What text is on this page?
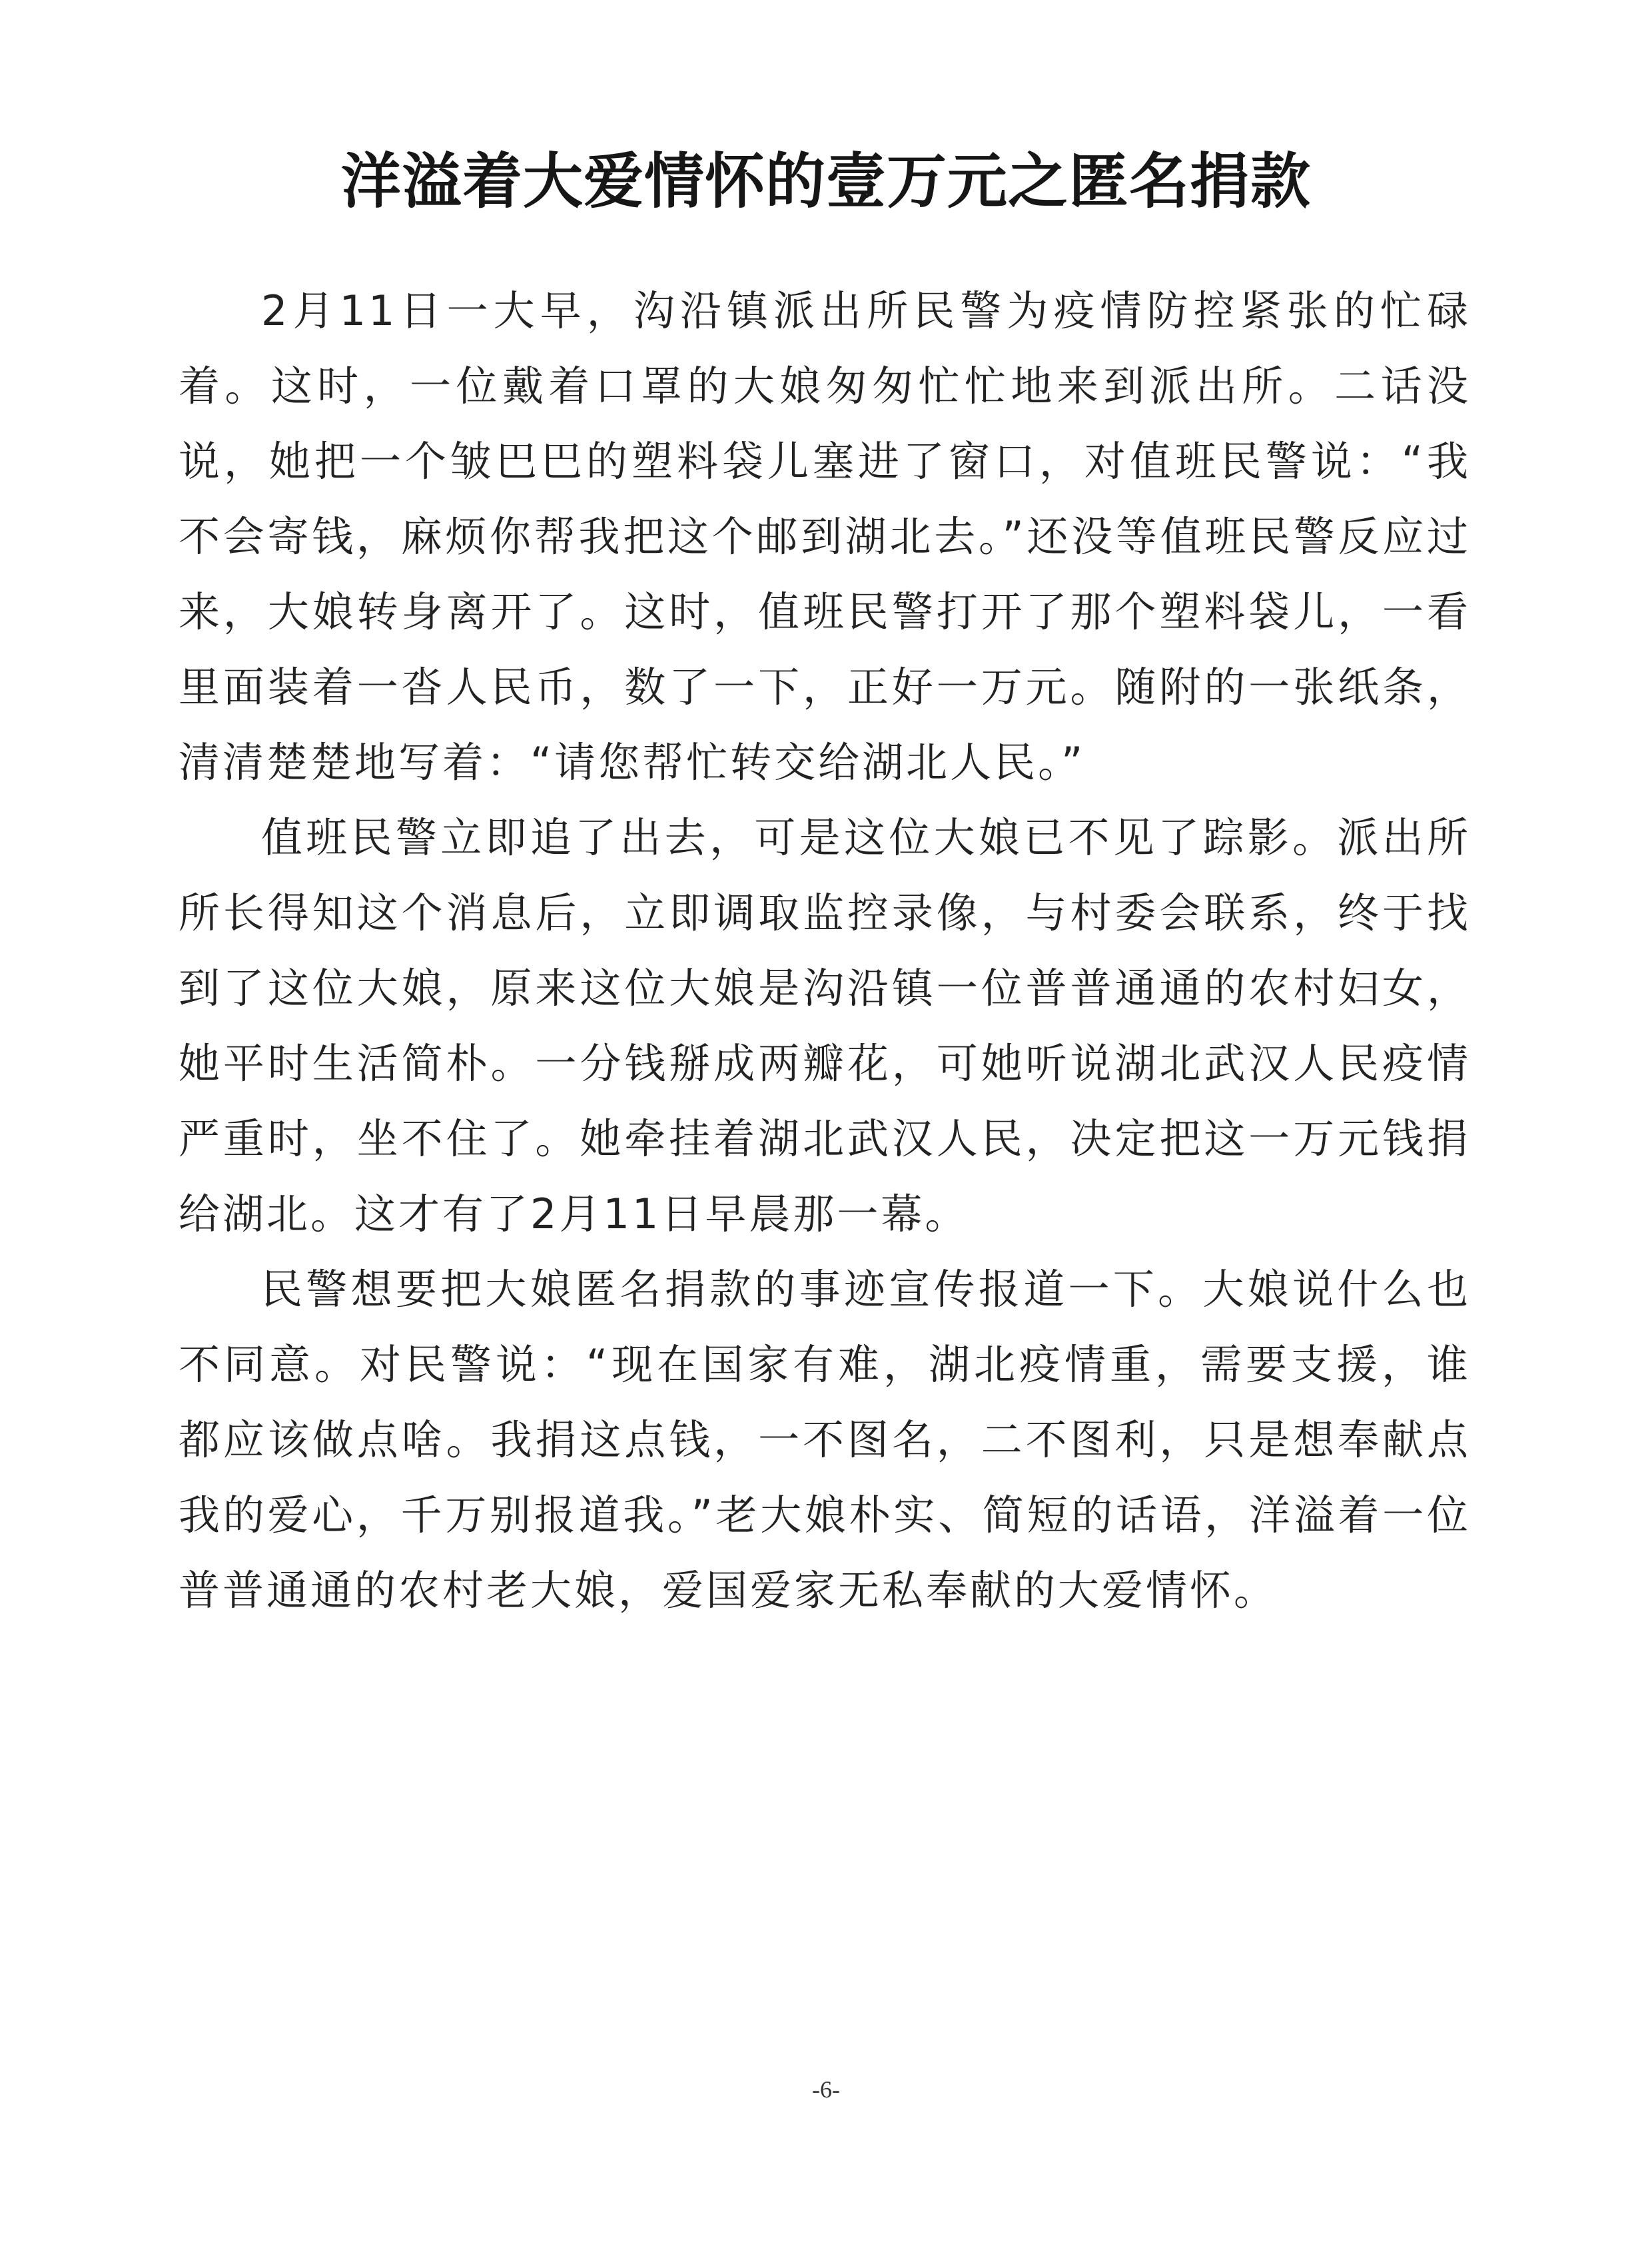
洋溢着大爱情怀的壹万元之匿名捐款

2月11日一大早，沟沿镇派出所民警为疫情防控紧张的忙碌着。这时，一位戴着口罩的大娘匆匆忙忙地来到派出所。二话没说，她把一个皱巴巴的塑料袋儿塞进了窗口，对值班民警说：“我不会寄钱，麻烦你帮我把这个邮到湖北去。”还没等值班民警反应过来，大娘转身离开了。这时，值班民警打开了那个塑料袋儿，一看里面装着一沓人民币，数了一下，正好一万元。随附的一张纸条，清清楚楚地写着：“请您帮忙转交给湖北人民。”

值班民警立即追了出去，可是这位大娘已不见了踪影。派出所所长得知这个消息后，立即调取监控录像，与村委会联系，终于找到了这位大娘，原来这位大娘是沟沿镇一位普普通通的农村妇女，她平时生活简朴。一分钱掰成两瓣花，可她听说湖北武汉人民疫情严重时，坐不住了。她牵挂着湖北武汉人民，决定把这一万元钱捐给湖北。这才有了2月11日早晨那一幕。

民警想要把大娘匿名捐款的事迹宣传报道一下。大娘说什么也不同意。对民警说：“现在国家有难，湖北疫情重，需要支援，谁都应该做点啥。我捐这点钱，一不图名，二不图利，只是想奉献点我的爱心，千万别报道我。”老大娘朴实、简短的话语，洋溢着一位普普通通的农村老大娘，爱国爱家无私奉献的大爱情怀。

-6-
